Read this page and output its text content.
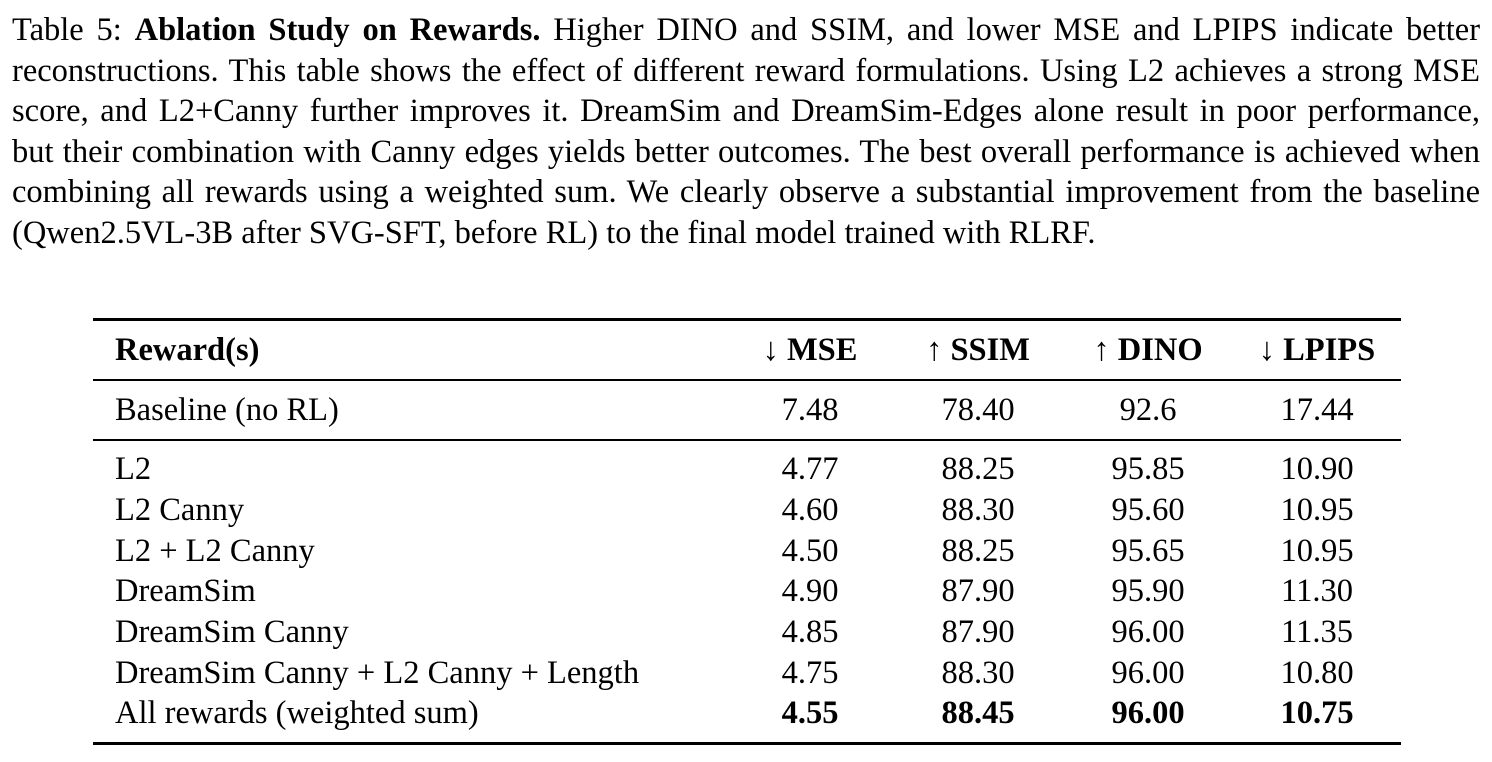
Table 5: Ablation Study on Rewards. Higher DINO and SSIM, and lower MSE and LPIPS indicate better reconstructions. This table shows the effect of different reward formulations. Using L2 achieves a strong MSE score, and L2+Canny further improves it. DreamSim and DreamSim-Edges alone result in poor performance, but their combination with Canny edges yields better outcomes. The best overall performance is achieved when combining all rewards using a weighted sum. We clearly observe a substantial improvement from the baseline (Qwen2.5VL-3B after SVG-SFT, before RL) to the final model trained with RLRF.

Reward(s)	↓ MSE	↑ SSIM	↑ DINO	↓ LPIPS
Baseline (no RL)	7.48	78.40	92.6	17.44
L2	4.77	88.25	95.85	10.90
L2 Canny	4.60	88.30	95.60	10.95
L2 + L2 Canny	4.50	88.25	95.65	10.95
DreamSim	4.90	87.90	95.90	11.30
DreamSim Canny	4.85	87.90	96.00	11.35
DreamSim Canny + L2 Canny + Length	4.75	88.30	96.00	10.80
All rewards (weighted sum)	4.55	88.45	96.00	10.75
